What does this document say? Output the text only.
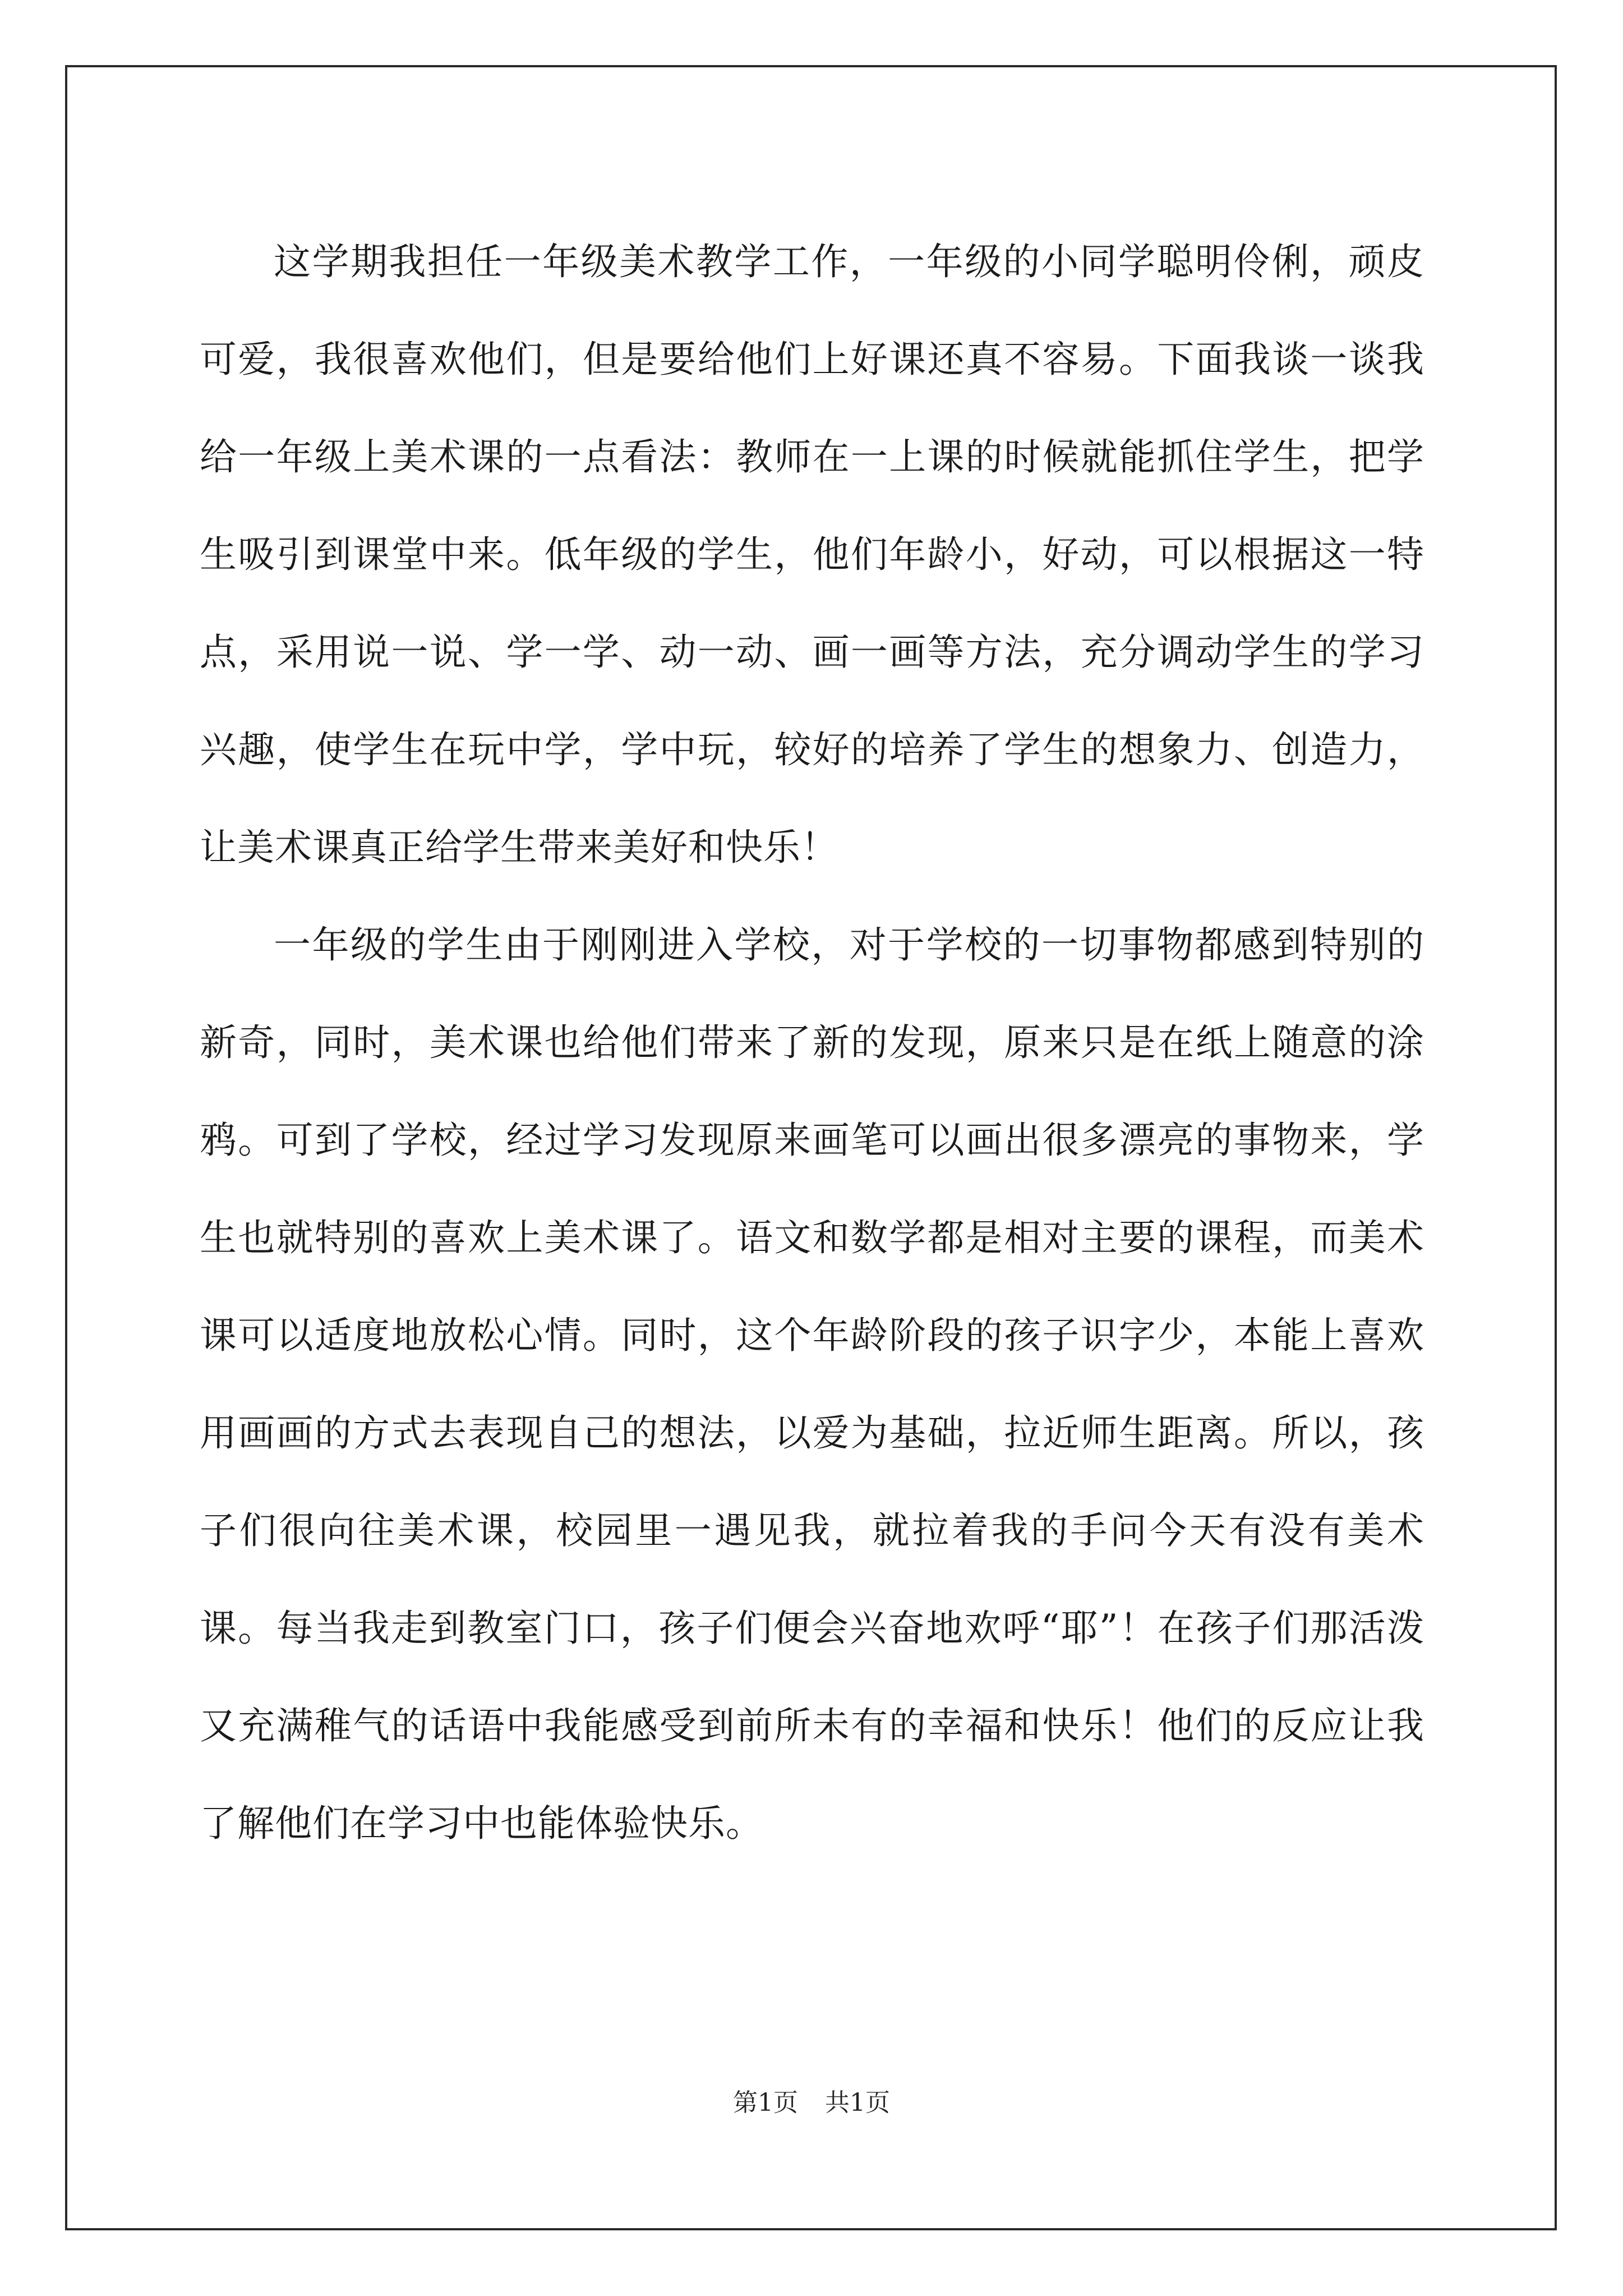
这学期我担任一年级美术教学工作，一年级的小同学聪明伶俐，顽皮可爱，我很喜欢他们，但是要给他们上好课还真不容易。下面我谈一谈我给一年级上美术课的一点看法：教师在一上课的时候就能抓住学生，把学生吸引到课堂中来。低年级的学生，他们年龄小，好动，可以根据这一特点，采用说一说、学一学、动一动、画一画等方法，充分调动学生的学习兴趣，使学生在玩中学，学中玩，较好的培养了学生的想象力、创造力，让美术课真正给学生带来美好和快乐！

一年级的学生由于刚刚进入学校，对于学校的一切事物都感到特别的新奇，同时，美术课也给他们带来了新的发现，原来只是在纸上随意的涂鸦。可到了学校，经过学习发现原来画笔可以画出很多漂亮的事物来，学生也就特别的喜欢上美术课了。语文和数学都是相对主要的课程，而美术课可以适度地放松心情。同时，这个年龄阶段的孩子识字少，本能上喜欢用画画的方式去表现自己的想法，以爱为基础，拉近师生距离。所以，孩子们很向往美术课，校园里一遇见我，就拉着我的手问今天有没有美术课。每当我走到教室门口，孩子们便会兴奋地欢呼“耶”！在孩子们那活泼又充满稚气的话语中我能感受到前所未有的幸福和快乐！他们的反应让我了解他们在学习中也能体验快乐。

第1页 共1页
